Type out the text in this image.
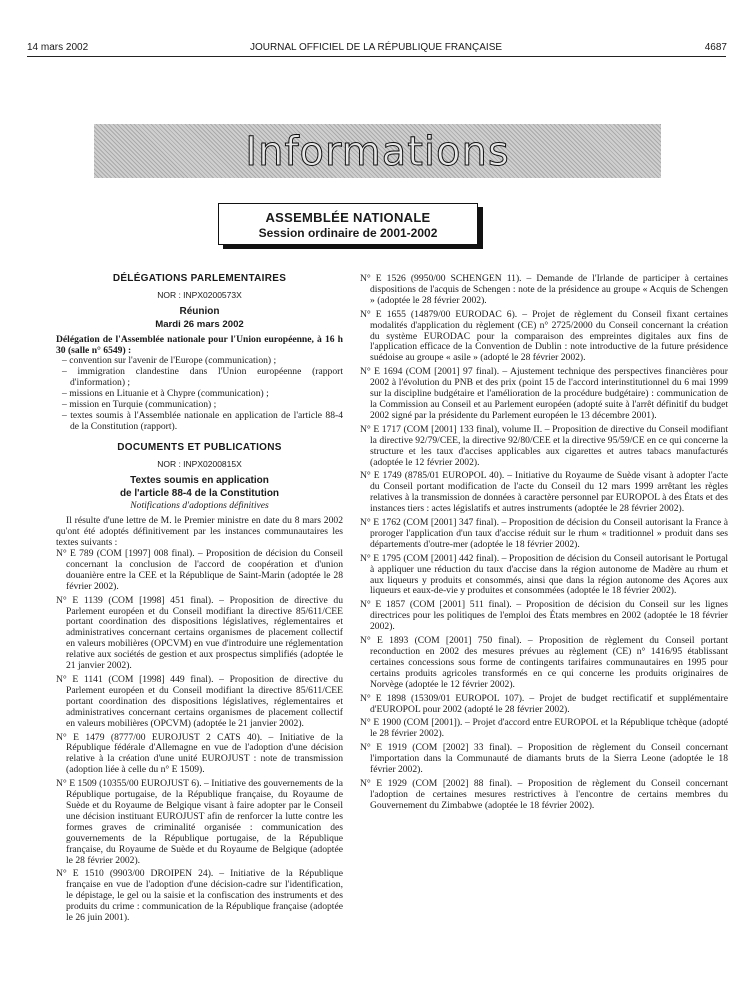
14 mars 2002	JOURNAL OFFICIEL DE LA RÉPUBLIQUE FRANÇAISE	4687
Informations
ASSEMBLÉE NATIONALE
Session ordinaire de 2001-2002
DÉLÉGATIONS PARLEMENTAIRES
NOR : INPX0200573X
Réunion
Mardi 26 mars 2002

Délégation de l'Assemblée nationale pour l'Union européenne, à 16 h 30 (salle n° 6549) :

– convention sur l'avenir de l'Europe (communication) ;
– immigration clandestine dans l'Union européenne (rapport d'information) ;
– missions en Lituanie et à Chypre (communication) ;
– mission en Turquie (communication) ;
– textes soumis à l'Assemblée nationale en application de l'article 88-4 de la Constitution (rapport).
DOCUMENTS ET PUBLICATIONS
NOR : INPX0200815X
Textes soumis en application
de l'article 88-4 de la Constitution
Notifications d'adoptions définitives

Il résulte d'une lettre de M. le Premier ministre en date du 8 mars 2002 qu'ont été adoptés définitivement par les instances communautaires les textes suivants :

N° E 789 (COM [1997] 008 final). – Proposition de décision du Conseil concernant la conclusion de l'accord de coopération et d'union douanière entre la CEE et la République de Saint-Marin (adoptée le 28 février 2002).
N° E 1139 (COM [1998] 451 final). – Proposition de directive du Parlement européen et du Conseil modifiant la directive 85/611/CEE portant coordination des dispositions législatives, réglementaires et administratives concernant certains organismes de placement collectif en valeurs mobilières (OPCVM) en vue d'introduire une réglementation relative aux sociétés de gestion et aux prospectus simplifiés (adoptée le 21 janvier 2002).
N° E 1141 (COM [1998] 449 final). – Proposition de directive du Parlement européen et du Conseil modifiant la directive 85/611/CEE portant coordination des dispositions législatives, réglementaires et administratives concernant certains organismes de placement collectif en valeurs mobilières (OPCVM) (adoptée le 21 janvier 2002).
N° E 1479 (8777/00 EUROJUST 2 CATS 40). – Initiative de la République fédérale d'Allemagne en vue de l'adoption d'une décision relative à la création d'une unité EUROJUST : note de transmission (adoption liée à celle du n° E 1509).
N° E 1509 (10355/00 EUROJUST 6). – Initiative des gouvernements de la République portugaise, de la République française, du Royaume de Suède et du Royaume de Belgique visant à faire adopter par le Conseil une décision instituant EUROJUST afin de renforcer la lutte contre les formes graves de criminalité organisée : communication des gouvernements de la République portugaise, de la République française, du Royaume de Suède et du Royaume de Belgique (adoptée le 28 février 2002).
N° E 1510 (9903/00 DROIPEN 24). – Initiative de la République française en vue de l'adoption d'une décision-cadre sur l'identification, le dépistage, le gel ou la saisie et la confiscation des instruments et des produits du crime : communication de la République française (adoptée le 26 juin 2001).
N° E 1526 (9950/00 SCHENGEN 11). – Demande de l'Irlande de participer à certaines dispositions de l'acquis de Schengen : note de la présidence au groupe « Acquis de Schengen » (adoptée le 28 février 2002).
N° E 1655 (14879/00 EURODAC 6). – Projet de règlement du Conseil fixant certaines modalités d'application du règlement (CE) n° 2725/2000 du Conseil concernant la création du système EURODAC pour la comparaison des empreintes digitales aux fins de l'application efficace de la Convention de Dublin : note introductive de la future présidence suédoise au groupe « asile » (adopté le 28 février 2002).
N° E 1694 (COM [2001] 97 final). – Ajustement technique des perspectives financières pour 2002 à l'évolution du PNB et des prix (point 15 de l'accord interinstitutionnel du 6 mai 1999 sur la discipline budgétaire et l'amélioration de la procédure budgétaire) : communication de la Commission au Conseil et au Parlement européen (adopté suite à l'arrêt définitif du budget 2002 signé par la présidente du Parlement européen le 13 décembre 2001).
N° E 1717 (COM [2001] 133 final), volume II. – Proposition de directive du Conseil modifiant la directive 92/79/CEE, la directive 92/80/CEE et la directive 95/59/CE en ce qui concerne la structure et les taux d'accises applicables aux cigarettes et autres tabacs manufacturés (adoptée le 12 février 2002).
N° E 1749 (8785/01 EUROPOL 40). – Initiative du Royaume de Suède visant à adopter l'acte du Conseil portant modification de l'acte du Conseil du 12 mars 1999 arrêtant les règles relatives à la transmission de données à caractère personnel par EUROPOL à des États et des instances tiers : actes législatifs et autres instruments (adoptée le 28 février 2002).
N° E 1762 (COM [2001] 347 final). – Proposition de décision du Conseil autorisant la France à proroger l'application d'un taux d'accise réduit sur le rhum « traditionnel » produit dans ses départements d'outre-mer (adoptée le 18 février 2002).
N° E 1795 (COM [2001] 442 final). – Proposition de décision du Conseil autorisant le Portugal à appliquer une réduction du taux d'accise dans la région autonome de Madère au rhum et aux liqueurs y produits et consommés, ainsi que dans la région autonome des Açores aux liqueurs et eaux-de-vie y produites et consommées (adoptée le 18 février 2002).
N° E 1857 (COM [2001] 511 final). – Proposition de décision du Conseil sur les lignes directrices pour les politiques de l'emploi des États membres en 2002 (adoptée le 18 février 2002).
N° E 1893 (COM [2001] 750 final). – Proposition de règlement du Conseil portant reconduction en 2002 des mesures prévues au règlement (CE) n° 1416/95 établissant certaines concessions sous forme de contingents tarifaires communautaires en 1995 pour certains produits agricoles transformés en ce qui concerne les produits originaires de Norvège (adoptée le 12 février 2002).
N° E 1898 (15309/01 EUROPOL 107). – Projet de budget rectificatif et supplémentaire d'EUROPOL pour 2002 (adopté le 28 février 2002).
N° E 1900 (COM [2001]). – Projet d'accord entre EUROPOL et la République tchèque (adopté le 28 février 2002).
N° E 1919 (COM [2002] 33 final). – Proposition de règlement du Conseil concernant l'importation dans la Communauté de diamants bruts de la Sierra Leone (adoptée le 18 février 2002).
N° E 1929 (COM [2002] 88 final). – Proposition de règlement du Conseil concernant l'adoption de certaines mesures restrictives à l'encontre de certains membres du Gouvernement du Zimbabwe (adoptée le 18 février 2002).
